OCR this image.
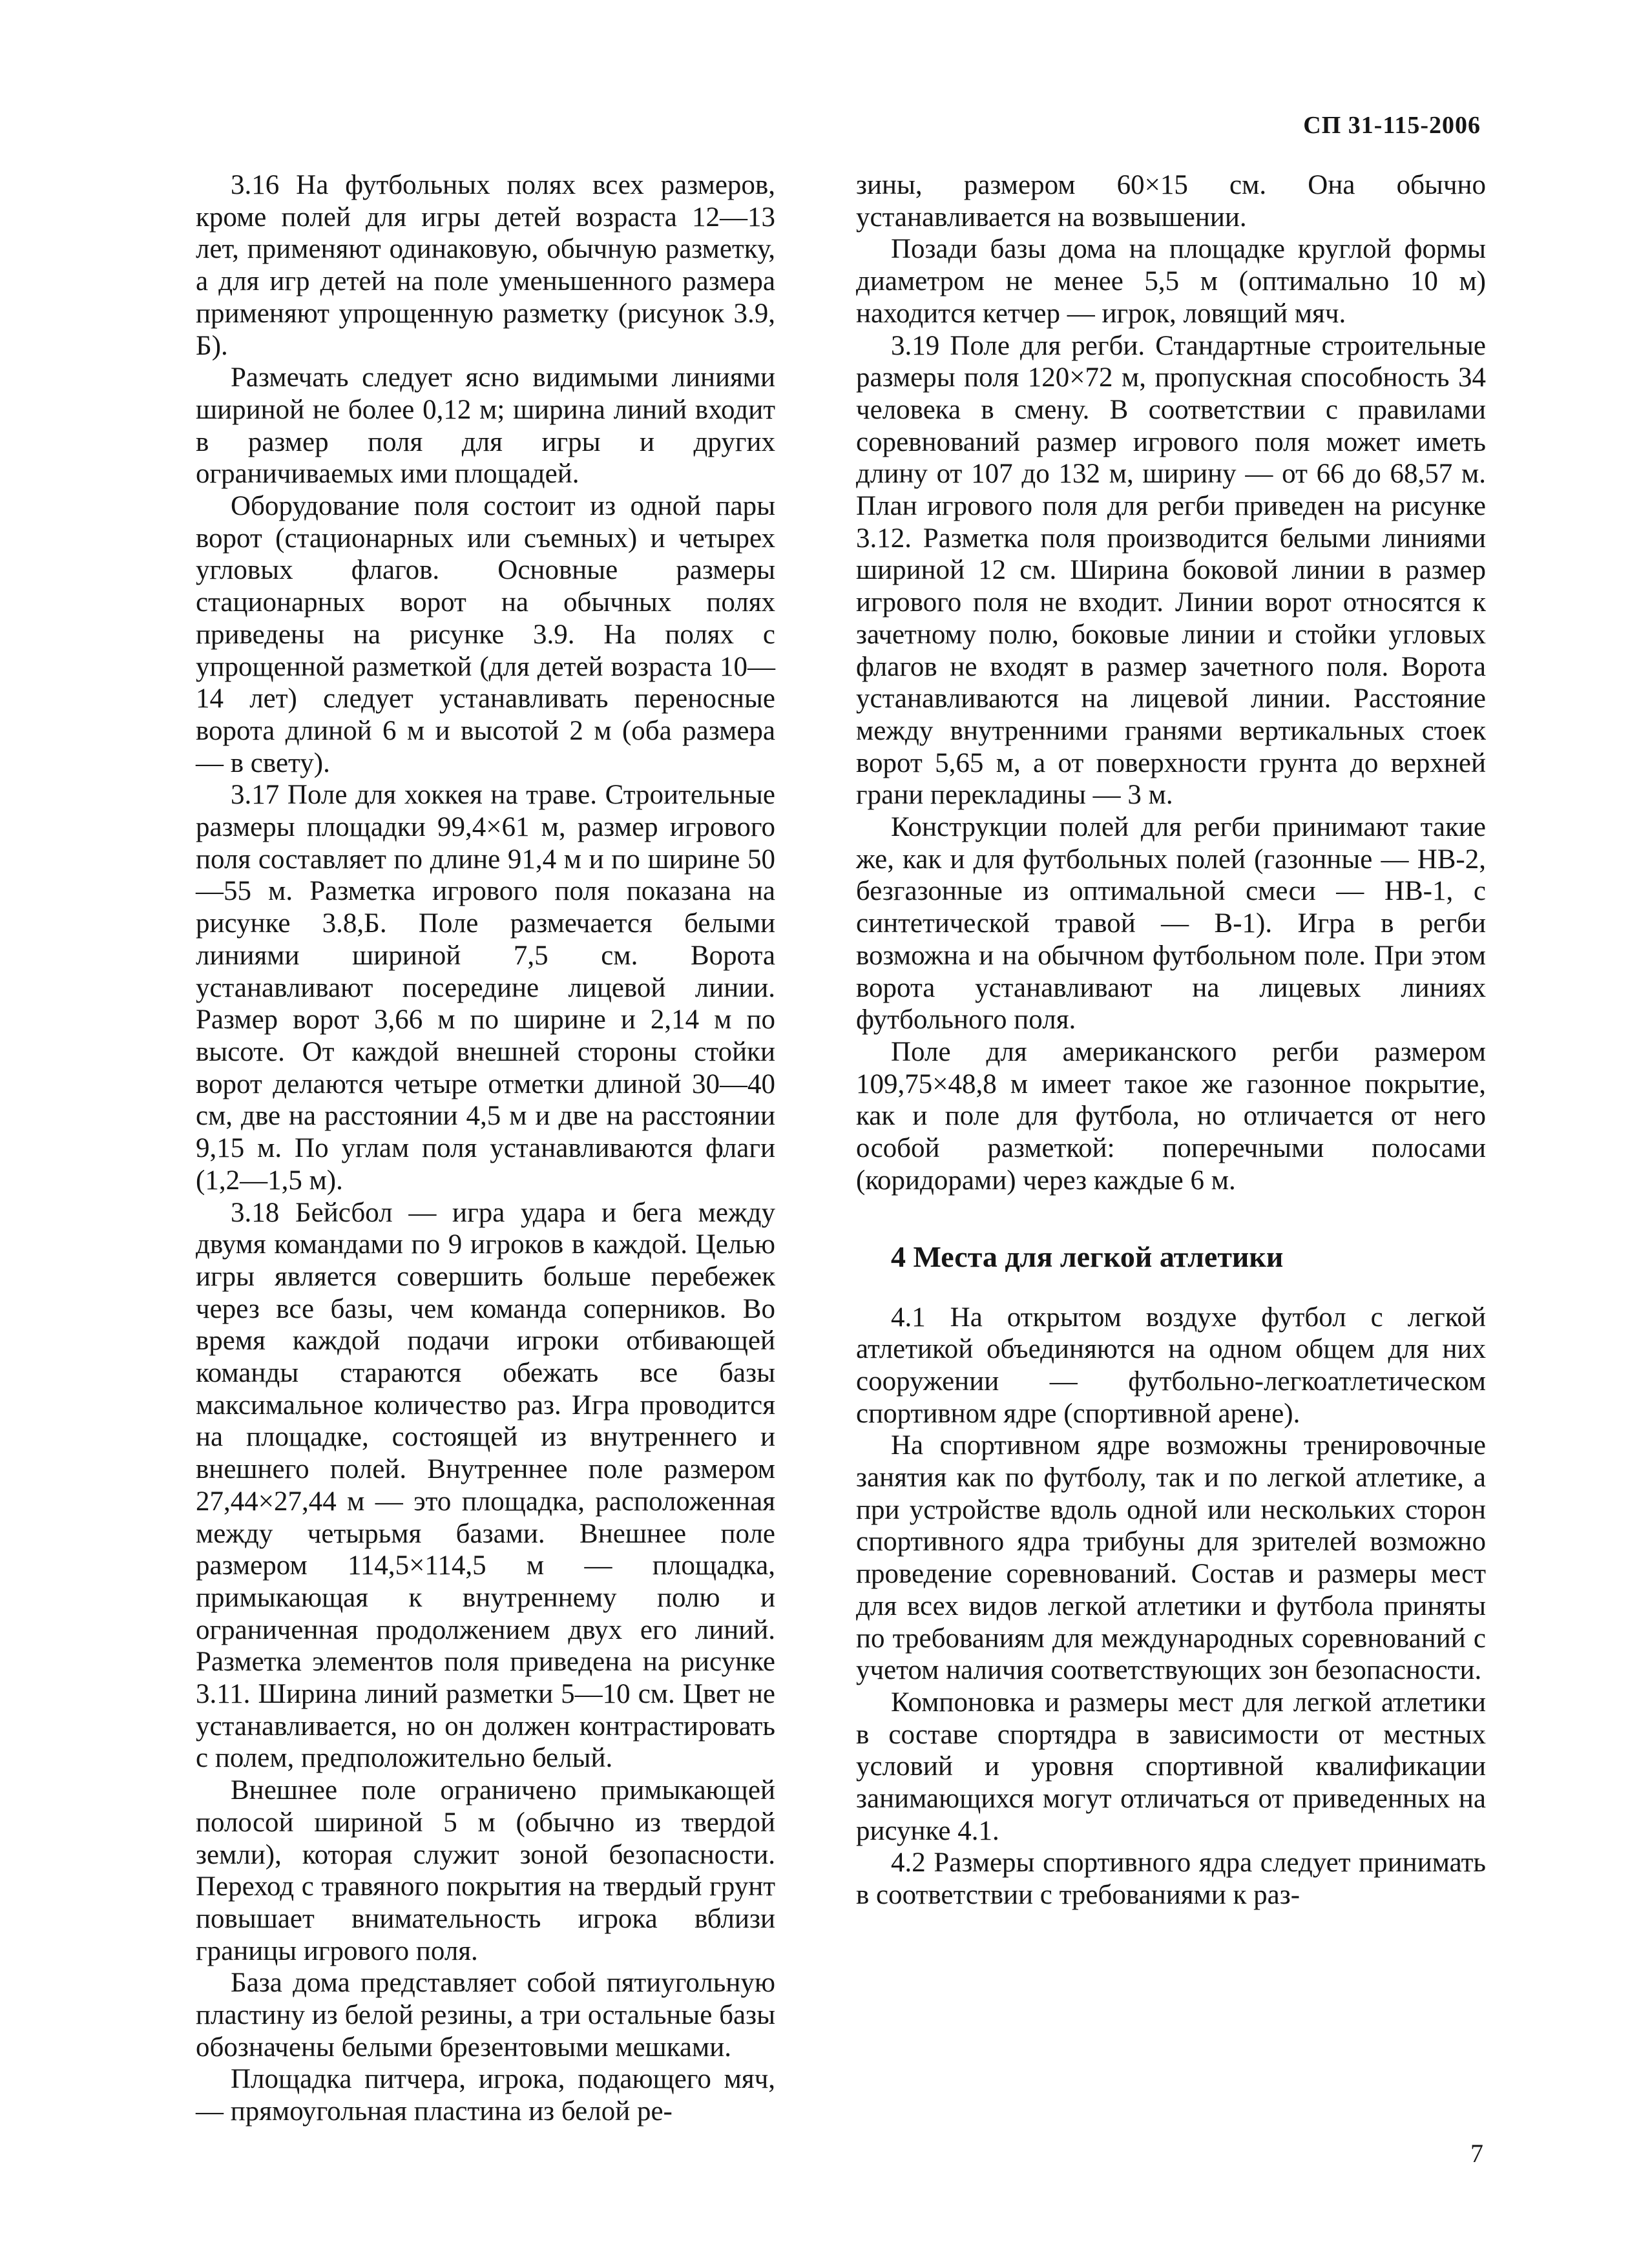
СП 31-115-2006

3.16 На футбольных полях всех размеров, кроме полей для игры детей возраста 12—13 лет, применяют одинаковую, обычную разметку, а для игр детей на поле уменьшенного размера применяют упрощенную разметку (рисунок 3.9, Б).

Размечать следует ясно видимыми линиями шириной не более 0,12 м; ширина линий входит в размер поля для игры и других ограничиваемых ими площадей.

Оборудование поля состоит из одной пары ворот (стационарных или съемных) и четырех угловых флагов. Основные размеры стационарных ворот на обычных полях приведены на рисунке 3.9. На полях с упрощенной разметкой (для детей возраста 10—14 лет) следует устанавливать переносные ворота длиной 6 м и высотой 2 м (оба размера — в свету).

3.17 Поле для хоккея на траве. Строительные размеры площадки 99,4×61 м, размер игрового поля составляет по длине 91,4 м и по ширине 50—55 м. Разметка игрового поля показана на рисунке 3.8,Б. Поле размечается белыми линиями шириной 7,5 см. Ворота устанавливают посередине лицевой линии. Размер ворот 3,66 м по ширине и 2,14 м по высоте. От каждой внешней стороны стойки ворот делаются четыре отметки длиной 30—40 см, две на расстоянии 4,5 м и две на расстоянии 9,15 м. По углам поля устанавливаются флаги (1,2—1,5 м).

3.18 Бейсбол — игра удара и бега между двумя командами по 9 игроков в каждой. Целью игры является совершить больше перебежек через все базы, чем команда соперников. Во время каждой подачи игроки отбивающей команды стараются обежать все базы максимальное количество раз. Игра проводится на площадке, состоящей из внутреннего и внешнего полей. Внутреннее поле размером 27,44×27,44 м — это площадка, расположенная между четырьмя базами. Внешнее поле размером 114,5×114,5 м — площадка, примыкающая к внутреннему полю и ограниченная продолжением двух его линий. Разметка элементов поля приведена на рисунке 3.11. Ширина линий разметки 5—10 см. Цвет не устанавливается, но он должен контрастировать с полем, предположительно белый.

Внешнее поле ограничено примыкающей полосой шириной 5 м (обычно из твердой земли), которая служит зоной безопасности. Переход с травяного покрытия на твердый грунт повышает внимательность игрока вблизи границы игрового поля.

База дома представляет собой пятиугольную пластину из белой резины, а три остальные базы обозначены белыми брезентовыми мешками.

Площадка питчера, игрока, подающего мяч, — прямоугольная пластина из белой ре-

зины, размером 60×15 см. Она обычно устанавливается на возвышении.

Позади базы дома на площадке круглой формы диаметром не менее 5,5 м (оптимально 10 м) находится кетчер — игрок, ловящий мяч.

3.19 Поле для регби. Стандартные строительные размеры поля 120×72 м, пропускная способность 34 человека в смену. В соответствии с правилами соревнований размер игрового поля может иметь длину от 107 до 132 м, ширину — от 66 до 68,57 м. План игрового поля для регби приведен на рисунке 3.12. Разметка поля производится белыми линиями шириной 12 см. Ширина боковой линии в размер игрового поля не входит. Линии ворот относятся к зачетному полю, боковые линии и стойки угловых флагов не входят в размер зачетного поля. Ворота устанавливаются на лицевой линии. Расстояние между внутренними гранями вертикальных стоек ворот 5,65 м, а от поверхности грунта до верхней грани перекладины — 3 м.

Конструкции полей для регби принимают такие же, как и для футбольных полей (газонные — НВ-2, безгазонные из оптимальной смеси — НВ-1, с синтетической травой — В-1). Игра в регби возможна и на обычном футбольном поле. При этом ворота устанавливают на лицевых линиях футбольного поля.

Поле для американского регби размером 109,75×48,8 м имеет такое же газонное покрытие, как и поле для футбола, но отличается от него особой разметкой: поперечными полосами (коридорами) через каждые 6 м.

4 Места для легкой атлетики

4.1 На открытом воздухе футбол с легкой атлетикой объединяются на одном общем для них сооружении — футбольно-легкоатлетическом спортивном ядре (спортивной арене).

На спортивном ядре возможны тренировочные занятия как по футболу, так и по легкой атлетике, а при устройстве вдоль одной или нескольких сторон спортивного ядра трибуны для зрителей возможно проведение соревнований. Состав и размеры мест для всех видов легкой атлетики и футбола приняты по требованиям для международных соревнований с учетом наличия соответствующих зон безопасности.

Компоновка и размеры мест для легкой атлетики в составе спортядра в зависимости от местных условий и уровня спортивной квалификации занимающихся могут отличаться от приведенных на рисунке 4.1.

4.2 Размеры спортивного ядра следует принимать в соответствии с требованиями к раз-

7
